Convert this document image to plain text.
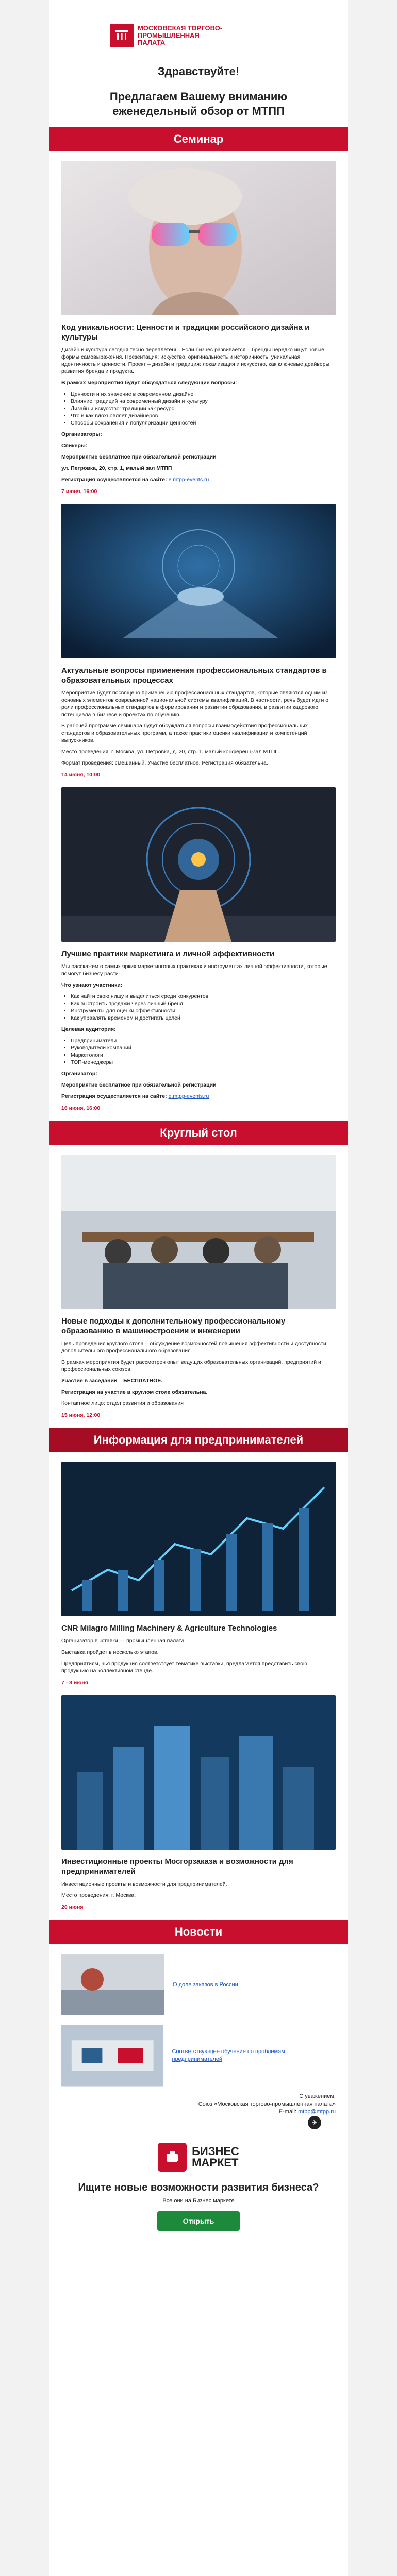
МОСКОВСКАЯ ТОРГОВО-ПРОМЫШЛЕННАЯ ПАЛАТА
Здравствуйте!
Предлагаем Вашему вниманию еженедельный обзор от МТПП
Семинар
Код уникальности: Ценности и традиции российского дизайна и культуры

Дизайн и культура сегодня тесно переплетены. Если бизнес развивается – бренды нередко ищут новые формы самовыражения. Презентация: искусство, оригинальность и историчность, уникальная идентичность и ценности. Проект – дизайн и традиция: локализация и искусство, как ключевые драйверы развития бренда и продукта.

В рамках мероприятия будут обсуждаться следующие вопросы:

• Ценности и их значение в современном дизайне
• Влияние традиций на современный дизайн и культуру
• Дизайн и искусство: традиции как ресурс
• Что и как вдохновляет дизайнеров
• Способы сохранения и популяризации ценностей

Организаторы:

Спикеры:

Мероприятие бесплатное при обязательной регистрации

ул. Петровка, 20, стр. 1, малый зал МТПП

Регистрация осуществляется на сайте: e.mtpp-events.ru

7 июня, 16:00
Актуальные вопросы применения профессиональных стандартов в образовательных процессах

Мероприятие будет посвящено применению профессиональных стандартов, которые являются одним из основных элементов современной национальной системы квалификаций. В частности, речь будет идти о роли профессиональных стандартов в формировании и развитии образования, в развитии кадрового потенциала в бизнесе и проектах по обучению.

В рабочей программе семинара будут обсуждаться вопросы взаимодействия профессиональных стандартов и образовательных программ, а также практики оценки квалификации и компетенций выпускников.

Место проведения: г. Москва, ул. Петровка, д. 20, стр. 1, малый конференц-зал МТПП.

Формат проведения: смешанный. Участие бесплатное. Регистрация обязательна.

14 июня, 10:00
Лучшие практики маркетинга и личной эффективности

Мы расскажем о самых ярких маркетинговых практиках и инструментах личной эффективности, которые помогут бизнесу расти.

Что узнают участники:

• Как найти свою нишу и выделиться среди конкурентов
• Как выстроить продажи через личный бренд
• Инструменты для оценки эффективности
• Как управлять временем и достигать целей

Целевая аудитория:

• Предприниматели
• Руководители компаний
• Маркетологи
• ТОП-менеджеры

Организатор:

Мероприятие бесплатное при обязательной регистрации

Регистрация осуществляется на сайте: e.mtpp-events.ru

16 июня, 16:00
Круглый стол
Новые подходы к дополнительному профессиональному образованию в машиностроении и инженерии

Цель проведения круглого стола – обсуждение возможностей повышения эффективности и доступности дополнительного профессионального образования.

В рамках мероприятия будет рассмотрен опыт ведущих образовательных организаций, предприятий и профессиональных союзов.

Участие в заседании – БЕСПЛАТНОЕ.

Регистрация на участие в круглом столе обязательна.

Контактное лицо: отдел развития и образования

15 июня, 12:00
Информация для предпринимателей
CNR Milagro Milling Machinery & Agriculture Technologies

Организатор выставки — промышленная палата.

Выставка пройдет в несколько этапов.

Предприятиям, чья продукция соответствует тематике выставки, предлагается представить свою продукцию на коллективном стенде.

7 - 8 июня
Инвестиционные проекты Мосгорзаказа и возможности для предпринимателей

Инвестиционные проекты и возможности для предпринимателей.

Место проведения: г. Москва.

20 июня
Новости
О доле заказов в России
Соответствующее обучение по проблемам предпринимателей
С уважением,
Союз «Московская торгово-промышленная палата»
E-mail: mtpp@mtpp.ru
✈
БИЗНЕС
МАРКЕТ
Ищите новые возможности развития бизнеса?
Все они на Бизнес маркете
Открыть
